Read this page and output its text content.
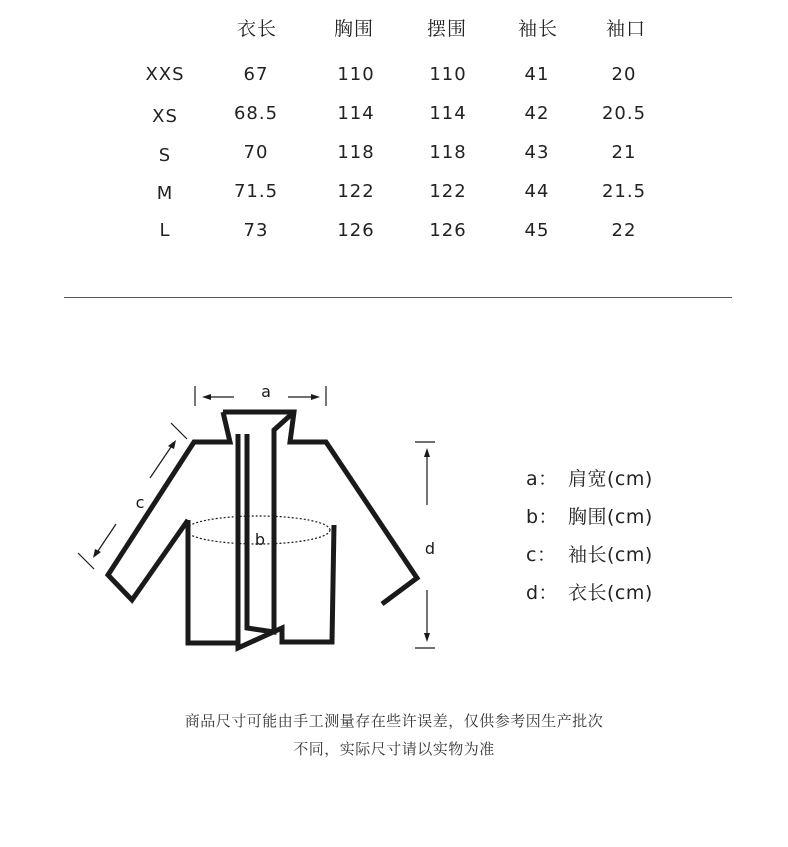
衣长	胸围	摆围	袖长	袖口
XXS	67	110	110	41	20
XS	68.5	114	114	42	20.5
S	70	118	118	43	21
M	71.5	122	122	44	21.5
L	73	126	126	45	22
a
b
c
d
a： 肩宽(cm)
b： 胸围(cm)
c： 袖长(cm)
d： 衣长(cm)
商品尺寸可能由手工测量存在些许误差，仅供参考因生产批次
不同，实际尺寸请以实物为准
